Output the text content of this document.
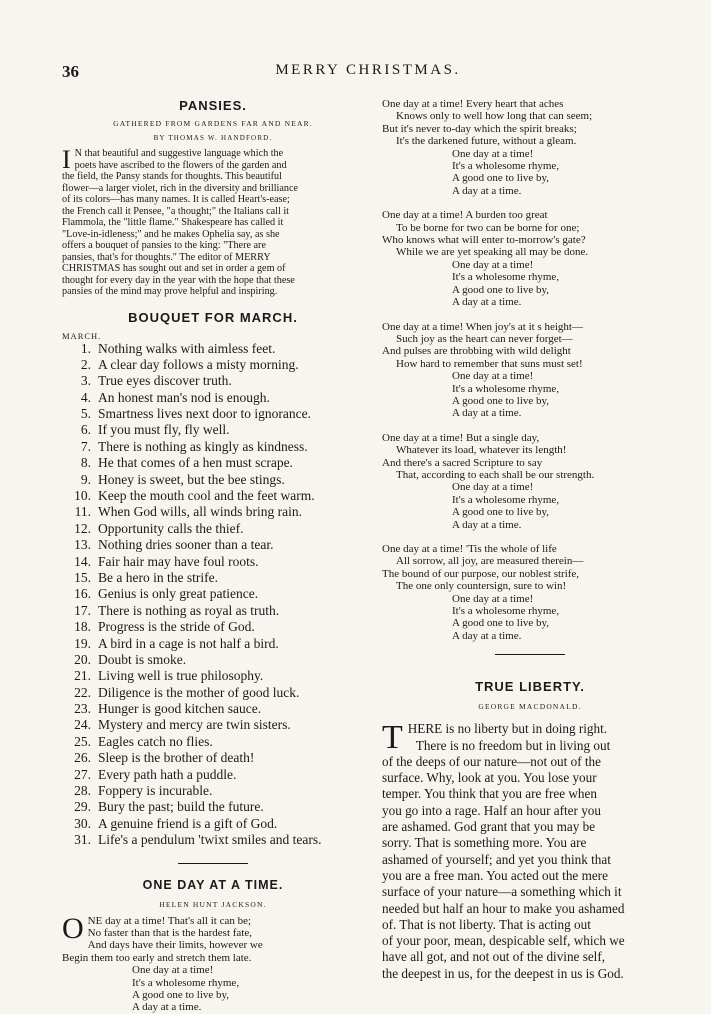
36	MERRY CHRISTMAS.
PANSIES.
GATHERED FROM GARDENS FAR AND NEAR.
BY THOMAS W. HANDFORD.
I N that beautiful and suggestive language which the
poets have ascribed to the flowers of the garden and
the field, the Pansy stands for thoughts. This beautiful
flower—a larger violet, rich in the diversity and brilliance
of its colors—has many names. It is called Heart's-ease;
the French call it Pensee, "a thought;" the Italians call it
Flammola, the "little flame." Shakespeare has called it
"Love-in-idleness;" and he makes Ophelia say, as she
offers a bouquet of pansies to the king: "There are
pansies, that's for thoughts." The editor of MERRY
CHRISTMAS has sought out and set in order a gem of
thought for every day in the year with the hope that these
pansies of the mind may prove helpful and inspiring.
BOUQUET FOR MARCH.
MARCH.
1. Nothing walks with aimless feet.
2. A clear day follows a misty morning.
3. True eyes discover truth.
4. An honest man's nod is enough.
5. Smartness lives next door to ignorance.
6. If you must fly, fly well.
7. There is nothing as kingly as kindness.
8. He that comes of a hen must scrape.
9. Honey is sweet, but the bee stings.
10. Keep the mouth cool and the feet warm.
11. When God wills, all winds bring rain.
12. Opportunity calls the thief.
13. Nothing dries sooner than a tear.
14. Fair hair may have foul roots.
15. Be a hero in the strife.
16. Genius is only great patience.
17. There is nothing as royal as truth.
18. Progress is the stride of God.
19. A bird in a cage is not half a bird.
20. Doubt is smoke.
21. Living well is true philosophy.
22. Diligence is the mother of good luck.
23. Hunger is good kitchen sauce.
24. Mystery and mercy are twin sisters.
25. Eagles catch no flies.
26. Sleep is the brother of death!
27. Every path hath a puddle.
28. Foppery is incurable.
29. Bury the past; build the future.
30. A genuine friend is a gift of God.
31. Life's a pendulum 'twixt smiles and tears.
ONE DAY AT A TIME.
HELEN HUNT JACKSON.
O NE day at a time! That's all it can be;
No faster than that is the hardest fate,
And days have their limits, however we
Begin them too early and stretch them late.
One day at a time!
It's a wholesome rhyme,
A good one to live by,
A day at a time.
One day at a time! Every heart that aches
Knows only to well how long that can seem;
But it's never to-day which the spirit breaks;
It's the darkened future, without a gleam.
One day at a time!
It's a wholesome rhyme,
A good one to live by,
A day at a time.
One day at a time! A burden too great
To be borne for two can be borne for one;
Who knows what will enter to-morrow's gate?
While we are yet speaking all may be done.
One day at a time!
It's a wholesome rhyme,
A good one to live by,
A day at a time.
One day at a time! When joy's at it s height—
Such joy as the heart can never forget—
And pulses are throbbing with wild delight
How hard to remember that suns must set!
One day at a time!
It's a wholesome rhyme,
A good one to live by,
A day at a time.
One day at a time! But a single day,
Whatever its load, whatever its length!
And there's a sacred Scripture to say
That, according to each shall be our strength.
One day at a time!
It's a wholesome rhyme,
A good one to live by,
A day at a time.
One day at a time! 'Tis the whole of life
All sorrow, all joy, are measured therein—
The bound of our purpose, our noblest strife,
The one only countersign, sure to win!
One day at a time!
It's a wholesome rhyme,
A good one to live by,
A day at a time.
TRUE LIBERTY.
GEORGE MACDONALD.
T HERE is no liberty but in doing right.
There is no freedom but in living out
of the deeps of our nature—not out of the
surface. Why, look at you. You lose your
temper. You think that you are free when
you go into a rage. Half an hour after you
are ashamed. God grant that you may be
sorry. That is something more. You are
ashamed of yourself; and yet you think that
you are a free man. You acted out the mere
surface of your nature—a something which it
needed but half an hour to make you ashamed
of. That is not liberty. That is acting out
of your poor, mean, despicable self, which we
have all got, and not out of the divine self,
the deepest in us, for the deepest in us is God.
